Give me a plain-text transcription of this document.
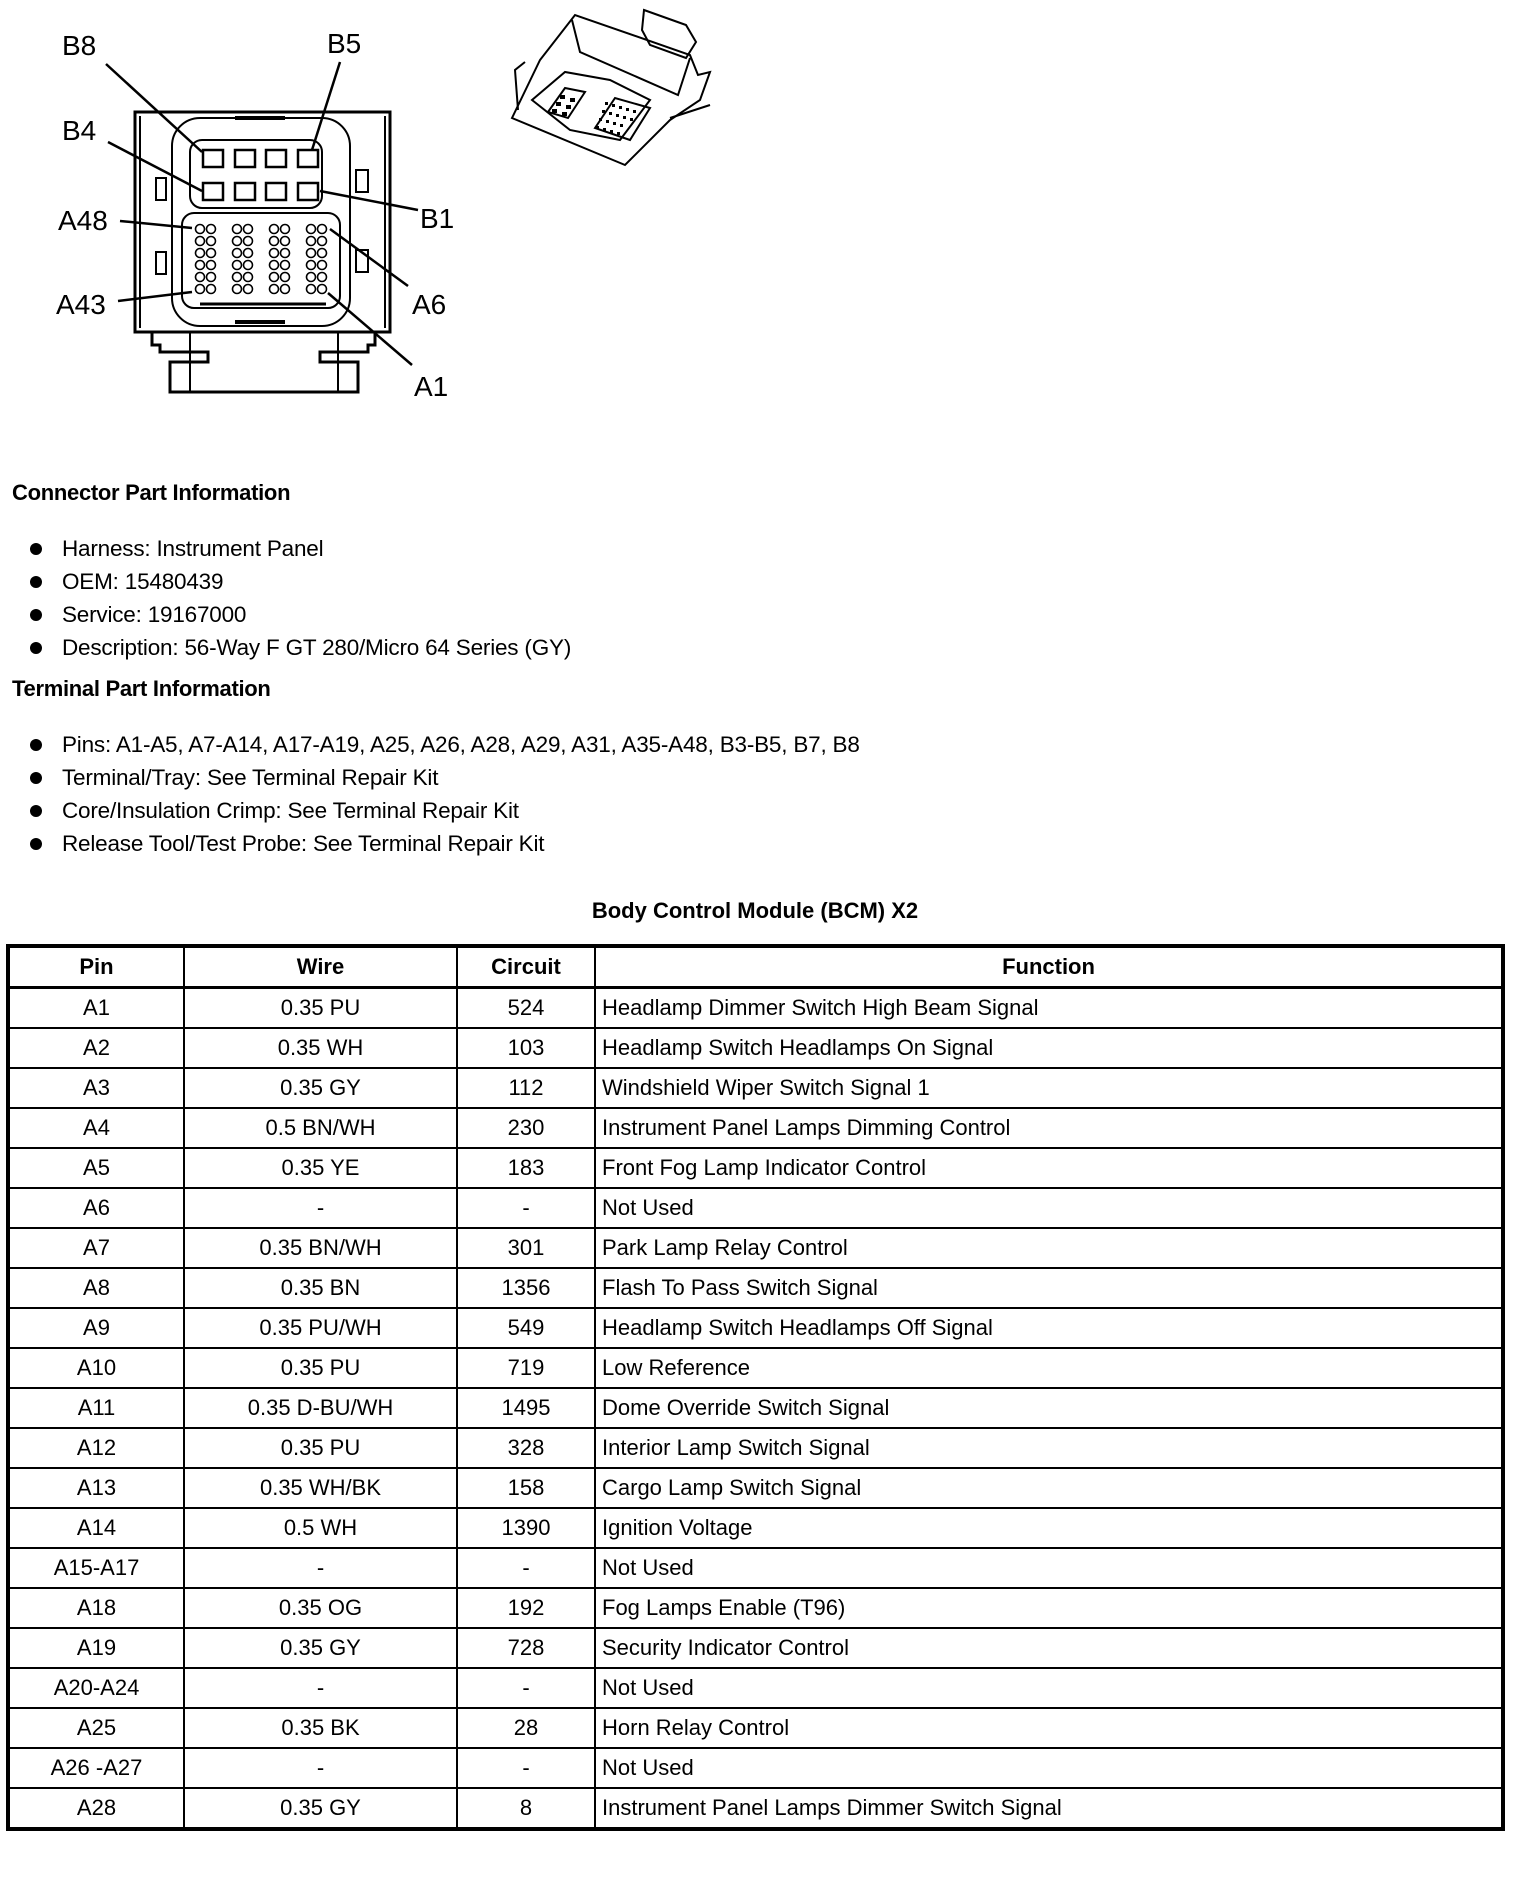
B8	B5
B4
B1
A48
A6
A43
A1
Connector Part Information
Harness: Instrument Panel
OEM: 15480439
Service: 19167000
Description: 56-Way F GT 280/Micro 64 Series (GY)
Terminal Part Information
Pins: A1-A5, A7-A14, A17-A19, A25, A26, A28, A29, A31, A35-A48, B3-B5, B7, B8
Terminal/Tray: See Terminal Repair Kit
Core/Insulation Crimp: See Terminal Repair Kit
Release Tool/Test Probe: See Terminal Repair Kit
Body Control Module (BCM) X2
Pin	Wire	Circuit	Function
A1	0.35 PU	524	Headlamp Dimmer Switch High Beam Signal
A2	0.35 WH	103	Headlamp Switch Headlamps On Signal
A3	0.35 GY	112	Windshield Wiper Switch Signal 1
A4	0.5 BN/WH	230	Instrument Panel Lamps Dimming Control
A5	0.35 YE	183	Front Fog Lamp Indicator Control
A6	-	-	Not Used
A7	0.35 BN/WH	301	Park Lamp Relay Control
A8	0.35 BN	1356	Flash To Pass Switch Signal
A9	0.35 PU/WH	549	Headlamp Switch Headlamps Off Signal
A10	0.35 PU	719	Low Reference
A11	0.35 D-BU/WH	1495	Dome Override Switch Signal
A12	0.35 PU	328	Interior Lamp Switch Signal
A13	0.35 WH/BK	158	Cargo Lamp Switch Signal
A14	0.5 WH	1390	Ignition Voltage
A15-A17	-	-	Not Used
A18	0.35 OG	192	Fog Lamps Enable (T96)
A19	0.35 GY	728	Security Indicator Control
A20-A24	-	-	Not Used
A25	0.35 BK	28	Horn Relay Control
A26 -A27	-	-	Not Used
A28	0.35 GY	8	Instrument Panel Lamps Dimmer Switch Signal
